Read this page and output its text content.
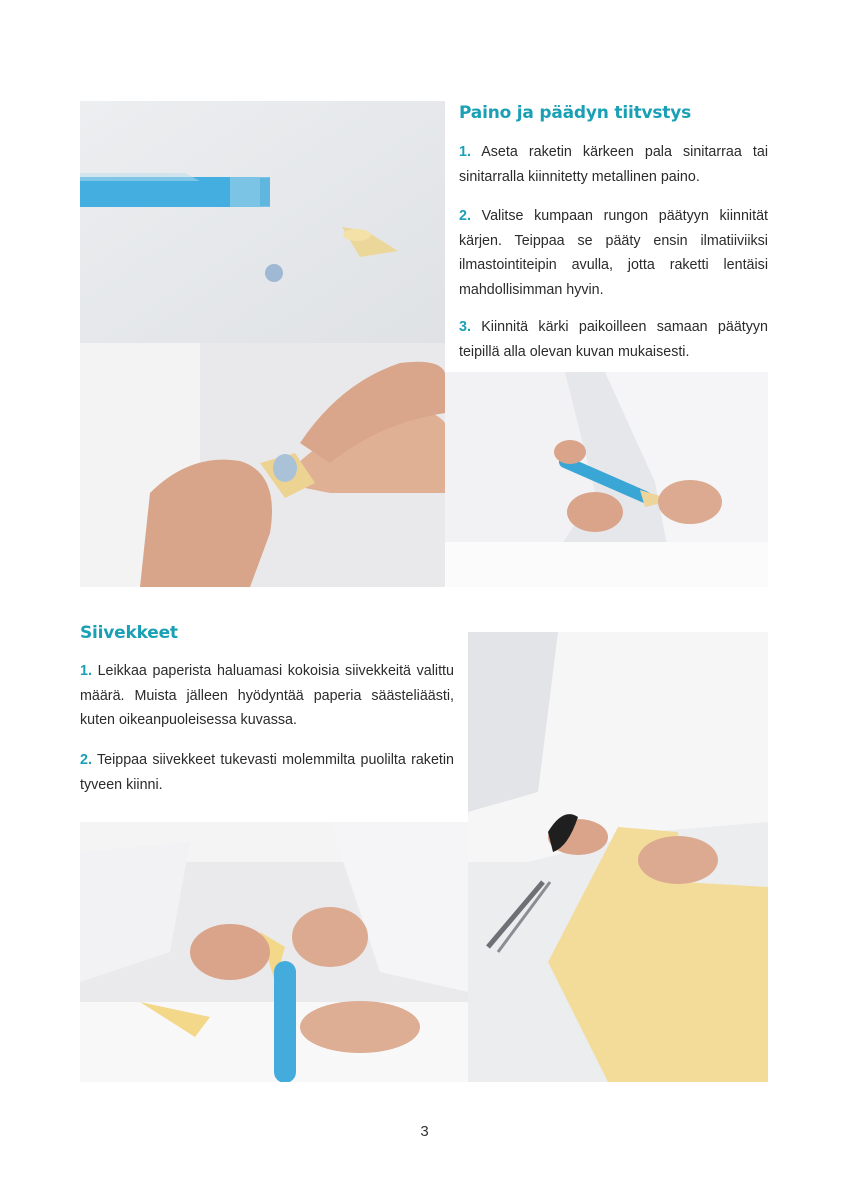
Paino ja päädyn tiitvstys

1. Aseta raketin kärkeen pala sinitarraa tai sinitarralla kiinnitetty metallinen paino.

2. Valitse kumpaan rungon päätyyn kiinnität kärjen. Teippaa se pääty ensin ilmatiiviiksi ilmastointiteipin avulla, jotta raketti lentäisi mahdollisimman hyvin.

3. Kiinnitä kärki paikoilleen samaan päätyyn teipillä alla olevan kuvan mukaisesti.

Siivekkeet

1. Leikkaa paperista haluamasi kokoisia siivekkeitä valittu määrä. Muista jälleen hyödyntää paperia säästeliäästi, kuten oikeanpuoleisessa kuvassa.

2. Teippaa siivekkeet tukevasti molemmilta puolilta raketin tyveen kiinni.

3
